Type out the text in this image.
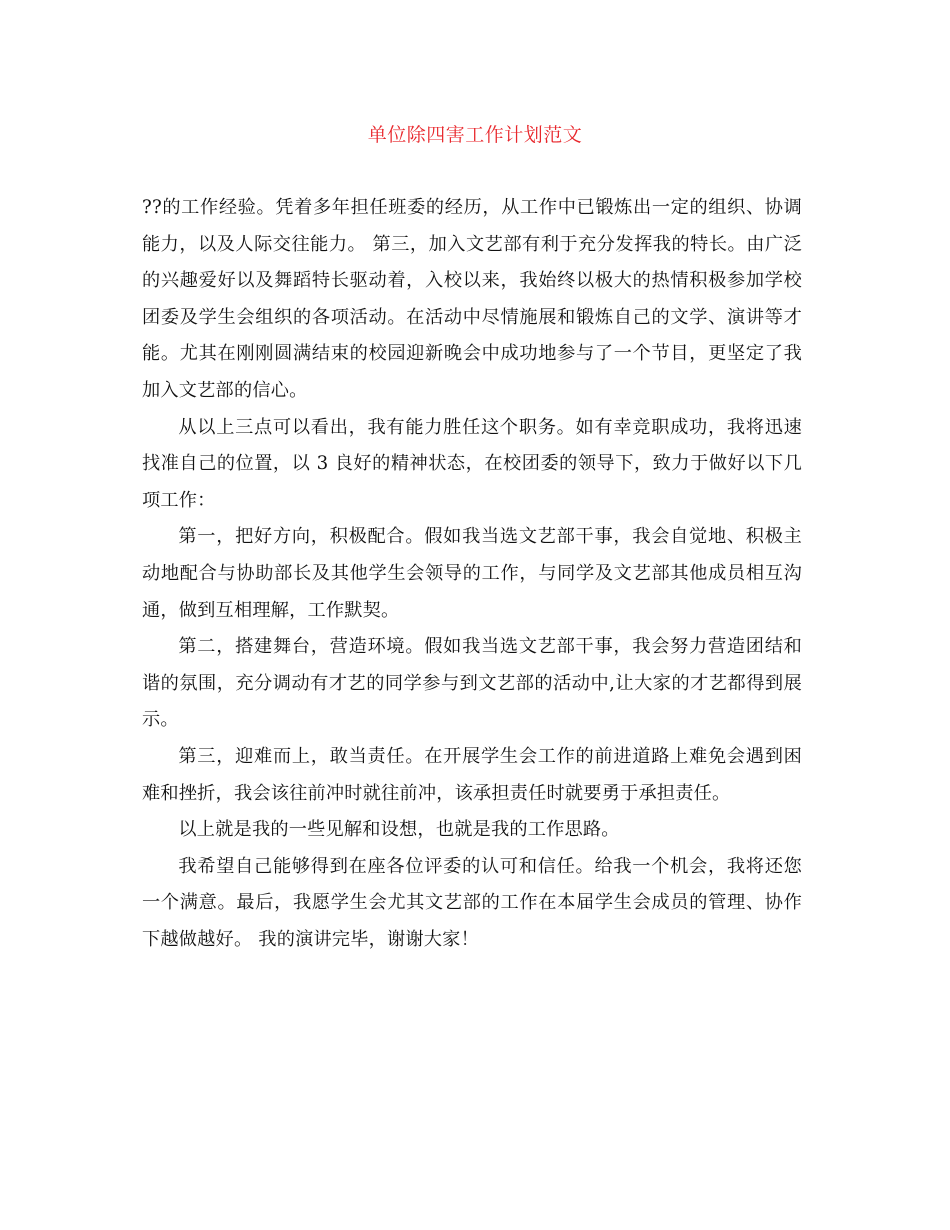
单位除四害工作计划范文

??的工作经验。凭着多年担任班委的经历，从工作中已锻炼出一定的组织、协调能力，以及人际交往能力。 第三，加入文艺部有利于充分发挥我的特长。由广泛的兴趣爱好以及舞蹈特长驱动着，入校以来，我始终以极大的热情积极参加学校团委及学生会组织的各项活动。在活动中尽情施展和锻炼自己的文学、演讲等才能。尤其在刚刚圆满结束的校园迎新晚会中成功地参与了一个节目，更坚定了我加入文艺部的信心。

从以上三点可以看出，我有能力胜任这个职务。如有幸竞职成功，我将迅速找准自己的位置，以 3 良好的精神状态，在校团委的领导下，致力于做好以下几项工作：

第一，把好方向，积极配合。假如我当选文艺部干事，我会自觉地、积极主动地配合与协助部长及其他学生会领导的工作，与同学及文艺部其他成员相互沟通，做到互相理解，工作默契。

第二，搭建舞台，营造环境。假如我当选文艺部干事，我会努力营造团结和谐的氛围，充分调动有才艺的同学参与到文艺部的活动中,让大家的才艺都得到展示。

第三，迎难而上，敢当责任。在开展学生会工作的前进道路上难免会遇到困难和挫折，我会该往前冲时就往前冲，该承担责任时就要勇于承担责任。

以上就是我的一些见解和设想，也就是我的工作思路。

我希望自己能够得到在座各位评委的认可和信任。给我一个机会，我将还您一个满意。最后，我愿学生会尤其文艺部的工作在本届学生会成员的管理、协作下越做越好。 我的演讲完毕，谢谢大家！
